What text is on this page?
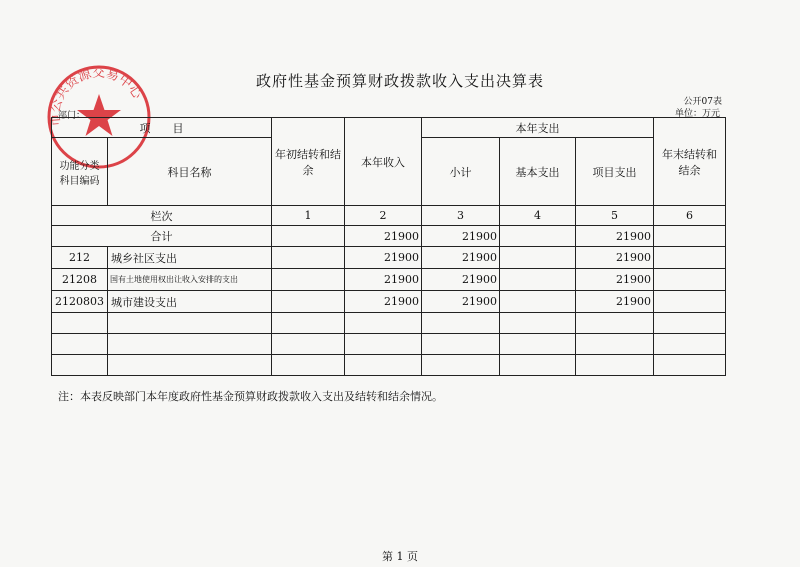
市公共资源交易中心
政府性基金预算财政拨款收入支出决算表
公开07表
单位：万元
部门：
项　　目		年初结转和结余	本年收入	本年支出			年末结转和结余
功能分类科目编码	科目名称			小计	基本支出	项目支出	
栏次		1	2	3	4	5	6
合计			21900	21900		21900	
212	城乡社区支出		21900	21900		21900	
21208	国有土地使用权出让收入安排的支出		21900	21900		21900	
2120803	城市建设支出		21900	21900		21900	

注：本表反映部门本年度政府性基金预算财政拨款收入支出及结转和结余情况。
第 1 页
